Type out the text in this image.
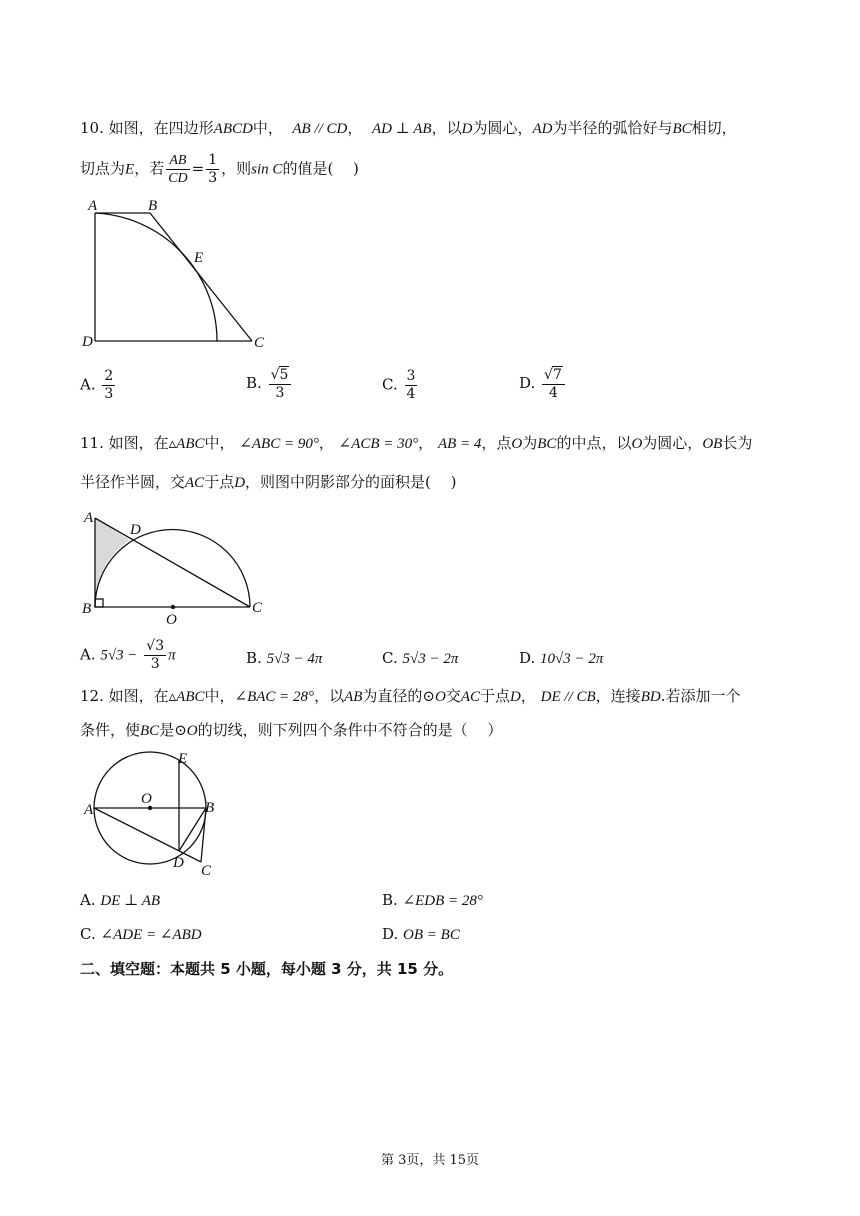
10. 如图，在四边形ABCD中， AB // CD，  AD ⊥ AB，以D为圆心，AD为半径的弧恰好与BC相切，
切点为E，若 $\frac{AB}{CD} = \frac{1}{3}$ ，则sin C的值是(　 )
A	B
E
D	C
A. $\frac{2}{3}$	B. $\frac{√5}{3}$	C. $\frac{3}{4}$	D. $\frac{√7}{4}$
11. 如图，在▵ABC中， ∠ABC = 90°， ∠ACB = 30°， AB = 4，点O为BC的中点，以O为圆心，OB长为
半径作半圆，交AC于点D，则图中阴影部分的面积是(　 )
A
D
B
O
C
A. $5√3 - \frac{√3}{3}$ π	B. 5√3 − 4π	C. 5√3 − 2π	D. 10√3 − 2π
12. 如图，在▵ABC中，∠BAC = 28°，以AB为直径的⊙O交AC于点D， DE // CB，连接BD.若添加一个
条件，使BC是⊙O的切线，则下列四个条件中不符合的是（　 ）
E
O
A	B
D C
A. DE ⊥ AB	B. ∠EDB = 28°
C. ∠ADE = ∠ABD	D. OB = BC
二、填空题：本题共 5 小题，每小题 3 分，共 15 分。
第 3页，共 15页
